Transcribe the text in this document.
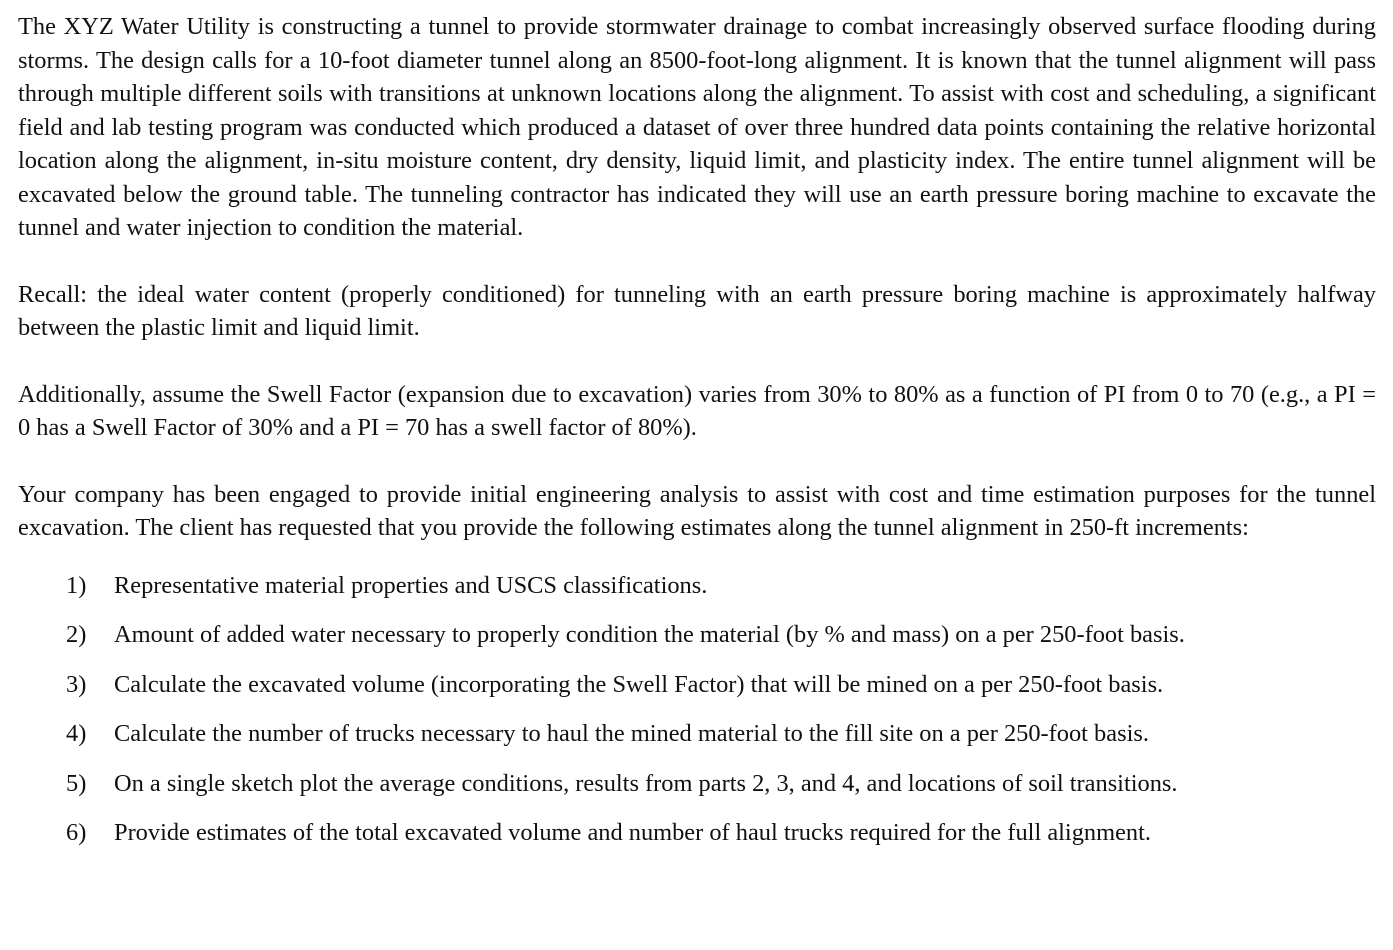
The XYZ Water Utility is constructing a tunnel to provide stormwater drainage to combat increasingly observed surface flooding during storms. The design calls for a 10-foot diameter tunnel along an 8500-foot-long alignment. It is known that the tunnel alignment will pass through multiple different soils with transitions at unknown locations along the alignment. To assist with cost and scheduling, a significant field and lab testing program was conducted which produced a dataset of over three hundred data points containing the relative horizontal location along the alignment, in-situ moisture content, dry density, liquid limit, and plasticity index. The entire tunnel alignment will be excavated below the ground table. The tunneling contractor has indicated they will use an earth pressure boring machine to excavate the tunnel and water injection to condition the material.

Recall: the ideal water content (properly conditioned) for tunneling with an earth pressure boring machine is approximately halfway between the plastic limit and liquid limit.

Additionally, assume the Swell Factor (expansion due to excavation) varies from 30% to 80% as a function of PI from 0 to 70 (e.g., a PI = 0 has a Swell Factor of 30% and a PI = 70 has a swell factor of 80%).

Your company has been engaged to provide initial engineering analysis to assist with cost and time estimation purposes for the tunnel excavation. The client has requested that you provide the following estimates along the tunnel alignment in 250-ft increments:

1) Representative material properties and USCS classifications.
2) Amount of added water necessary to properly condition the material (by % and mass) on a per 250-foot basis.
3) Calculate the excavated volume (incorporating the Swell Factor) that will be mined on a per 250-foot basis.
4) Calculate the number of trucks necessary to haul the mined material to the fill site on a per 250-foot basis.
5) On a single sketch plot the average conditions, results from parts 2, 3, and 4, and locations of soil transitions.
6) Provide estimates of the total excavated volume and number of haul trucks required for the full alignment.
